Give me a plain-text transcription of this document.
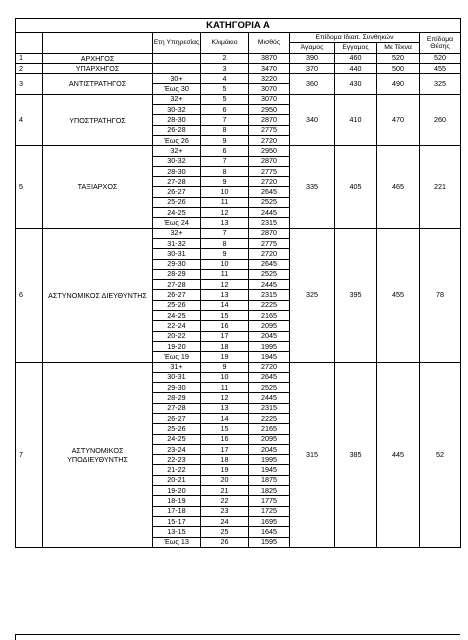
ΚΑΤΗΓΟΡΙΑ Α								
		Ετη Υπηρεσίας	Κλιμάκιο	Μισθός	Επίδομα Ιδιαιτ. Συνθηκών			Επίδομα Θέσης
					Άγαμος	Εγγαμος	Με Τέκνα	
1	ΑΡΧΗΓΟΣ		2	3870	390	460	520	520
2	ΥΠΑΡΧΗΓΟΣ		3	3470	370	440	500	455
3	ΑΝΤΙΣΤΡΑΤΗΓΟΣ	30+	4	3220	360	430	490	325
		Έως 30	5	3070				
4	ΥΠΟΣΤΡΑΤΗΓΟΣ	32+	5	3070	340	410	470	260
		30-32	6	2950				
		28-30	7	2870				
		26-28	8	2775				
		Έως 26	9	2720				
5	ΤΑΞΙΑΡΧΟΣ	32+	6	2950	335	405	465	221
		30-32	7	2870				
		28-30	8	2775				
		27-28	9	2720				
		26-27	10	2645				
		25-26	11	2525				
		24-25	12	2445				
		Έως 24	13	2315				
6	ΑΣΤΥΝΟΜΙΚΟΣ ΔΙΕΥΘΥΝΤΗΣ	32+	7	2870	325	395	455	78
		31-32	8	2775				
		30-31	9	2720				
		29-30	10	2645				
		28-29	11	2525				
		27-28	12	2445				
		26-27	13	2315				
		25-26	14	2225				
		24-25	15	2165				
		22-24	16	2095				
		20-22	17	2045				
		19-20	18	1995				
		Έως 19	19	1945				
7	ΑΣΤΥΝΟΜΙΚΟΣ ΥΠΟΔΙΕΥΘΥΝΤΗΣ	31+	9	2720	315	385	445	52
		30-31	10	2645				
		29-30	11	2525				
		28-29	12	2445				
		27-28	13	2315				
		26-27	14	2225				
		25-26	15	2165				
		24-25	16	2095				
		23-24	17	2045				
		22-23	18	1995				
		21-22	19	1945				
		20-21	20	1875				
		19-20	21	1825				
		18-19	22	1775				
		17-18	23	1725				
		15-17	24	1695				
		13-15	25	1645				
		Έως 13	26	1595				
